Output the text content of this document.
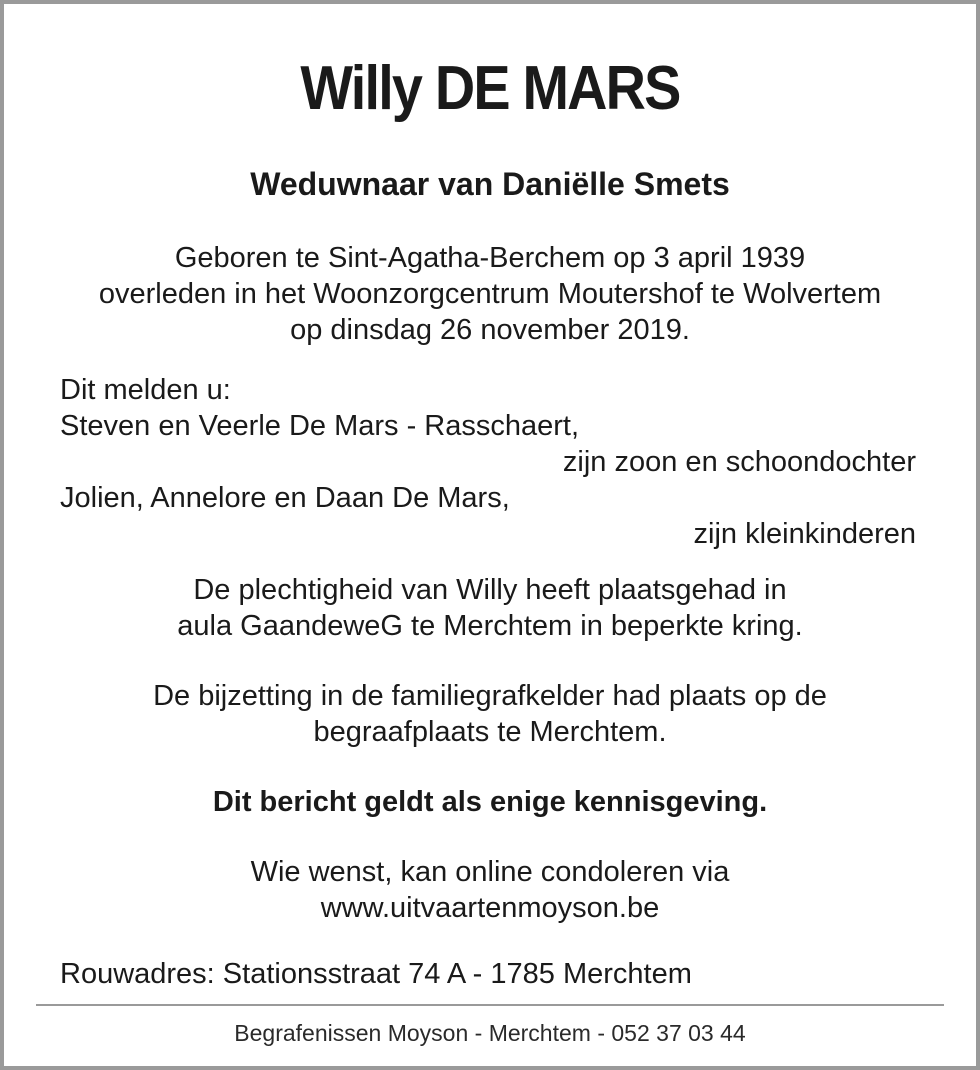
Willy DE MARS
Weduwnaar van Daniëlle Smets
Geboren te Sint-Agatha-Berchem op 3 april 1939
overleden in het Woonzorgcentrum Moutershof te Wolvertem
op dinsdag 26 november 2019.
Dit melden u:
Steven en Veerle De Mars - Rasschaert,
zijn zoon en schoondochter
Jolien, Annelore en Daan De Mars,
zijn kleinkinderen
De plechtigheid van Willy heeft plaatsgehad in
aula GaandeweG te Merchtem in beperkte kring.
De bijzetting in de familiegrafkelder had plaats op de
begraafplaats te Merchtem.
Dit bericht geldt als enige kennisgeving.
Wie wenst, kan online condoleren via
www.uitvaartenmoyson.be
Rouwadres: Stationsstraat 74 A - 1785 Merchtem
Begrafenissen Moyson - Merchtem - 052 37 03 44
